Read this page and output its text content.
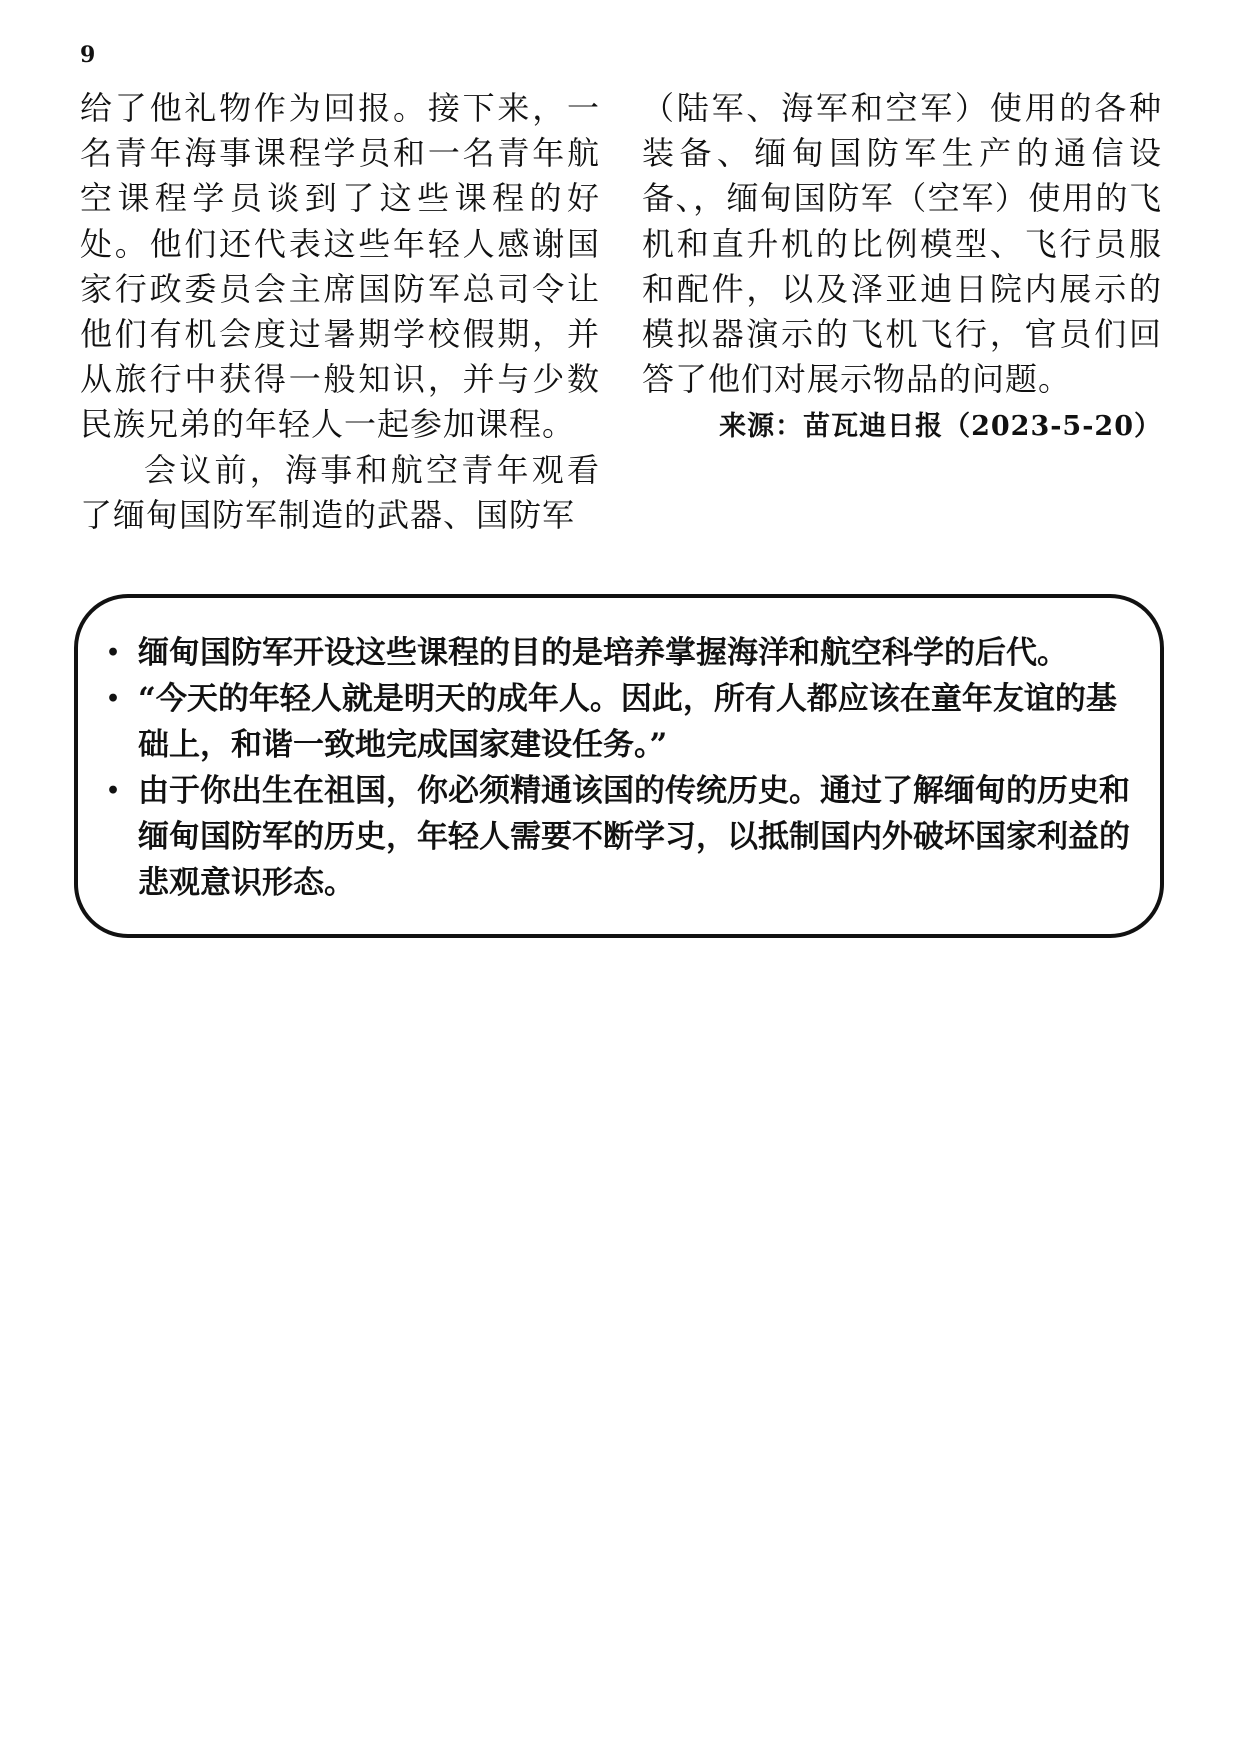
9

给了他礼物作为回报。接下来，一名青年海事课程学员和一名青年航空课程学员谈到了这些课程的好处。他们还代表这些年轻人感谢国家行政委员会主席国防军总司令让他们有机会度过暑期学校假期，并从旅行中获得一般知识，并与少数民族兄弟的年轻人一起参加课程。

会议前，海事和航空青年观看了缅甸国防军制造的武器、国防军

（陆军、海军和空军）使用的各种装备、缅甸国防军生产的通信设备、，缅甸国防军（空军）使用的飞机和直升机的比例模型、飞行员服和配件，以及泽亚迪日院内展示的模拟器演示的飞机飞行，官员们回答了他们对展示物品的问题。

来源：苗瓦迪日报（2023-5-20）

• 缅甸国防军开设这些课程的目的是培养掌握海洋和航空科学的后代。
• “今天的年轻人就是明天的成年人。因此，所有人都应该在童年友谊的基础上，和谐一致地完成国家建设任务。”
• 由于你出生在祖国，你必须精通该国的传统历史。通过了解缅甸的历史和缅甸国防军的历史，年轻人需要不断学习，以抵制国内外破坏国家利益的悲观意识形态。
